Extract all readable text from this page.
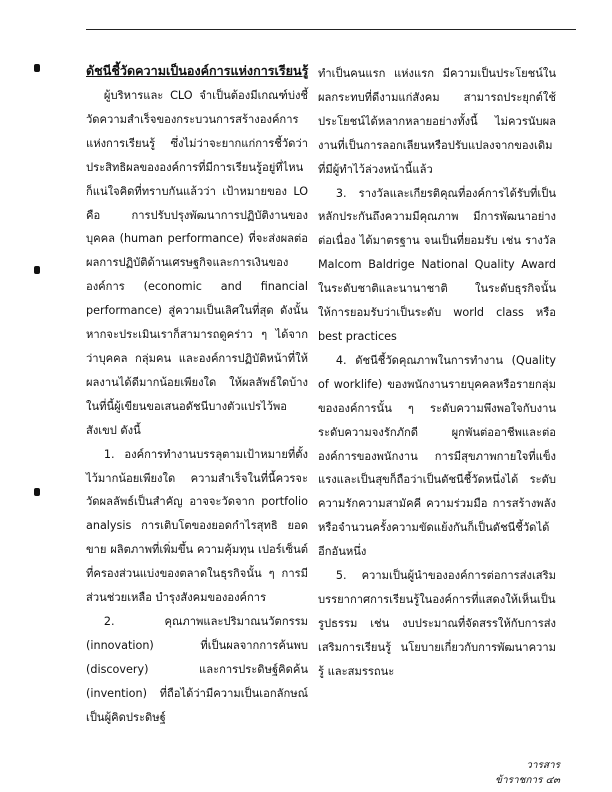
ดัชนีชี้วัดความเป็นองค์การแห่งการเรียนรู้

ผู้บริหารและ CLO จำเป็นต้องมีเกณฑ์บ่งชี้วัดความสำเร็จของกระบวนการสร้างองค์การแห่งการเรียนรู้ ซึ่งไม่ว่าจะยากแก่การชี้วัดว่าประสิทธิผลขององค์การที่มีการเรียนรู้อยู่ที่ไหนก็แน่ใจคิดที่ทราบกันแล้วว่า เป้าหมายของ LO คือ การปรับปรุงพัฒนาการปฏิบัติงานของบุคคล (human performance) ที่จะส่งผลต่อผลการปฏิบัติด้านเศรษฐกิจและการเงินขององค์การ (economic and financial performance) สู่ความเป็นเลิศในที่สุด ดังนั้น หากจะประเมินเราก็สามารถดูคร่าว ๆ ได้จากว่าบุคคล กลุ่มคน และองค์การปฏิบัติหน้าที่ให้ผลงานได้ดีมากน้อยเพียงใด ให้ผลลัพธ์ใดบ้าง ในที่นี้ผู้เขียนขอเสนอดัชนีบางตัวแปรไว้พอสังเขป ดังนี้

1. องค์การทำงานบรรลุตามเป้าหมายที่ตั้งไว้มากน้อยเพียงใด ความสำเร็จในที่นี้ควรจะวัดผลลัพธ์เป็นสำคัญ อาจจะวัดจาก portfolio analysis การเติบโตของยอดกำไรสุทธิ ยอดขาย ผลิตภาพที่เพิ่มขึ้น ความคุ้มทุน เปอร์เซ็นต์ที่ครองส่วนแบ่งของตลาดในธุรกิจนั้น ๆ การมีส่วนช่วยเหลือ บำรุงสังคมขององค์การ

2. คุณภาพและปริมาณนวัตกรรม (innovation) ที่เป็นผลจากการค้นพบ (discovery) และการประดิษฐ์คิดค้น (invention) ที่ถือได้ว่ามีความเป็นเอกลักษณ์ เป็นผู้คิดประดิษฐ์

ทำเป็นคนแรก แห่งแรก มีความเป็นประโยชน์ในผลกระทบที่ดีงามแก่สังคม สามารถประยุกต์ใช้ประโยชน์ได้หลากหลายอย่างทั้งนี้ ไม่ควรนับผลงานที่เป็นการลอกเลียนหรือปรับแปลงจากของเดิมที่มีผู้ทำไว้ล่วงหน้านี้แล้ว

3. รางวัลและเกียรติคุณที่องค์การได้รับที่เป็นหลักประกันถึงความมีคุณภาพ มีการพัฒนาอย่างต่อเนื่อง ได้มาตรฐาน จนเป็นที่ยอมรับ เช่น รางวัล Malcom Baldrige National Quality Award ในระดับชาติและนานาชาติ ในระดับธุรกิจนั้นให้การยอมรับว่าเป็นระดับ world class หรือ best practices

4. ดัชนีชี้วัดคุณภาพในการทำงาน (Quality of worklife) ของพนักงานรายบุคคลหรือรายกลุ่มขององค์การนั้น ๆ ระดับความพึงพอใจกับงาน ระดับความจงรักภักดี ผูกพันต่ออาชีพและต่อองค์การของพนักงาน การมีสุขภาพกายใจที่แข็งแรงและเป็นสุขก็ถือว่าเป็นดัชนีชี้วัดหนึ่งได้ ระดับความรักความสามัคคี ความร่วมมือ การสร้างพลังหรือจำนวนครั้งความขัดแย้งกันก็เป็นดัชนีชี้วัดได้อีกอันหนึ่ง

5. ความเป็นผู้นำขององค์การต่อการส่งเสริมบรรยากาศการเรียนรู้ในองค์การที่แสดงให้เห็นเป็นรูปธรรม เช่น งบประมาณที่จัดสรรให้กับการส่งเสริมการเรียนรู้ นโยบายเกี่ยวกับการพัฒนาความรู้ และสมรรถนะ

วารสารข้าราชการ ๔๓
